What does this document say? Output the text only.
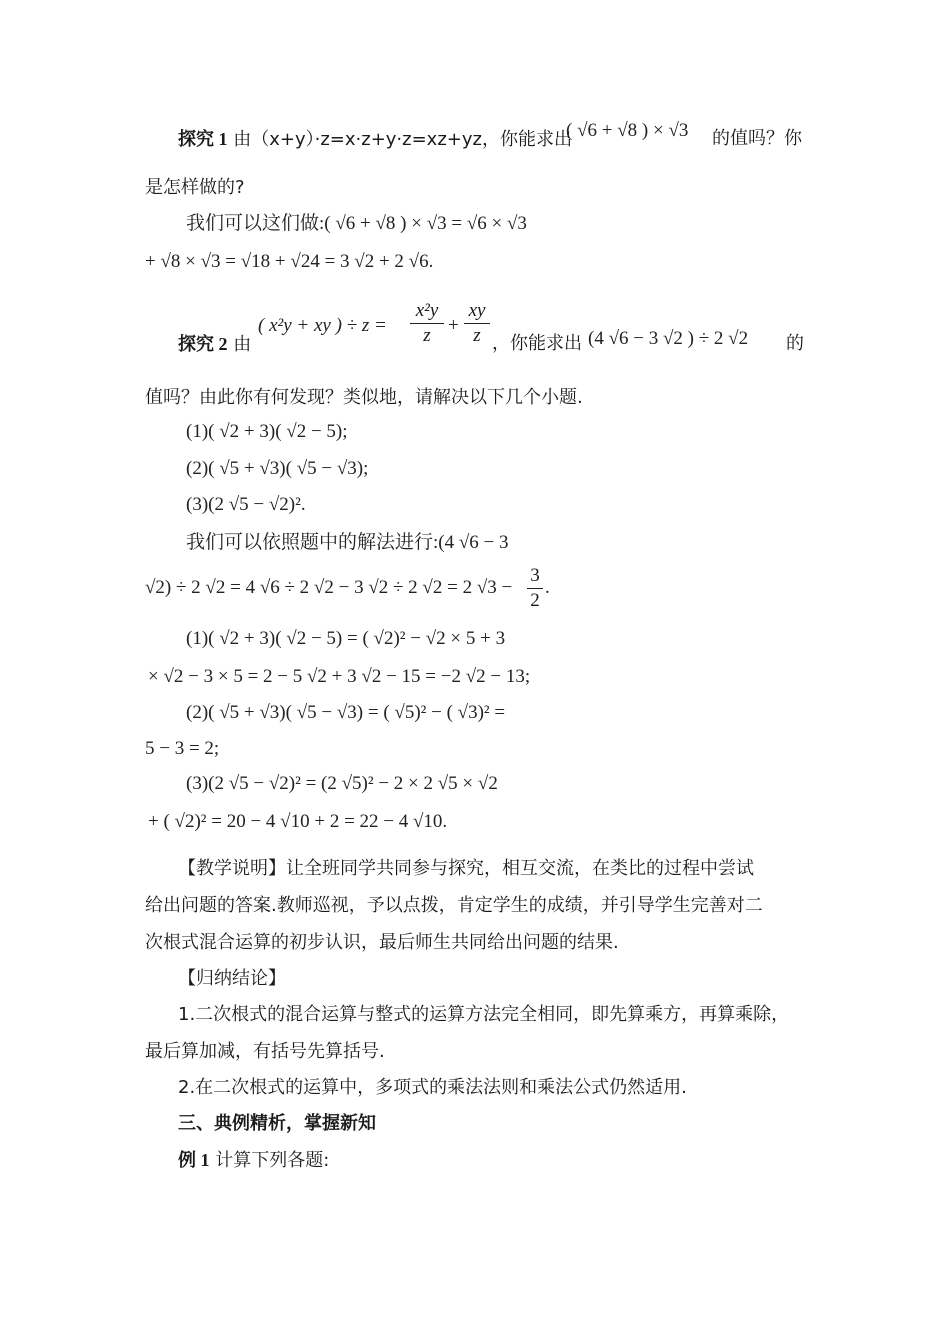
探究 1 由（x+y）·z=x·z+y·z=xz+yz，你能求出
( √6 + √8 ) × √3 的值吗？你
是怎样做的?
我们可以这们做:( √6 + √8 ) × √3 = √6 × √3
+ √8 × √3 = √18 + √24 = 3 √2 + 2 √6.
探究 2 由
( x²y + xy ) ÷ z =
x²y
z +
xy
z ，你能求出 (4 √6 − 3 √2 ) ÷ 2 √2 的
值吗？由此你有何发现？类似地，请解决以下几个小题.
(1)( √2 + 3)( √2 − 5);
(2)( √5 + √3)( √5 − √3);
(3)(2 √5 − √2)².
我们可以依照题中的解法进行:(4 √6 − 3
√2) ÷ 2 √2 = 4 √6 ÷ 2 √2 − 3 √2 ÷ 2 √2 = 2 √3 −
3
2
.
(1)( √2 + 3)( √2 − 5) = ( √2)² − √2 × 5 + 3
× √2 − 3 × 5 = 2 − 5 √2 + 3 √2 − 15 = −2 √2 − 13;
(2)( √5 + √3)( √5 − √3) = ( √5)² − ( √3)² =
5 − 3 = 2;
(3)(2 √5 − √2)² = (2 √5)² − 2 × 2 √5 × √2
+ ( √2)² = 20 − 4 √10 + 2 = 22 − 4 √10.
【教学说明】让全班同学共同参与探究，相互交流，在类比的过程中尝试
给出问题的答案.教师巡视，予以点拨，肯定学生的成绩，并引导学生完善对二
次根式混合运算的初步认识，最后师生共同给出问题的结果.
【归纳结论】
1.二次根式的混合运算与整式的运算方法完全相同，即先算乘方，再算乘除，
最后算加减，有括号先算括号.
2.在二次根式的运算中，多项式的乘法法则和乘法公式仍然适用.
三、典例精析，掌握新知
例 1 计算下列各题:
